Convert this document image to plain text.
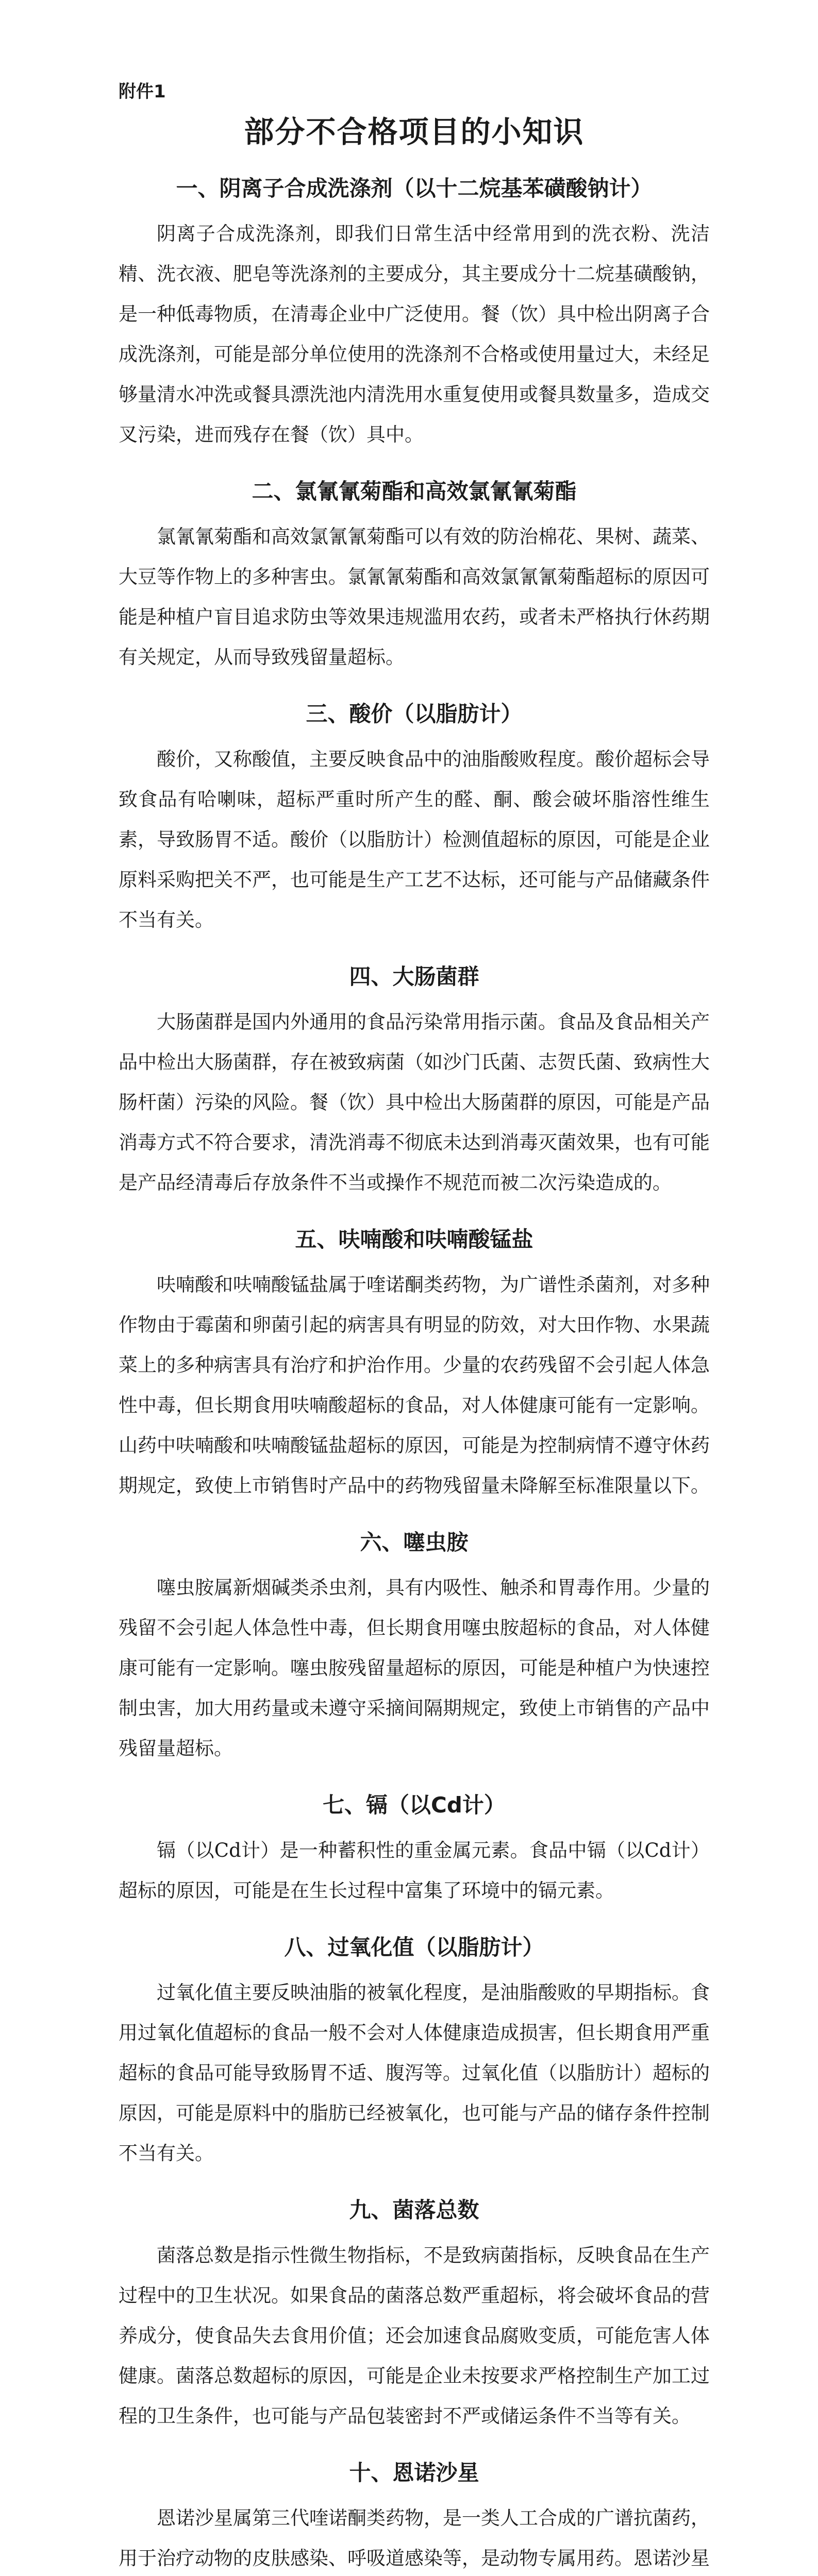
附件1
部分不合格项目的小知识
一、阴离子合成洗涤剂（以十二烷基苯磺酸钠计）

阴离子合成洗涤剂，即我们日常生活中经常用到的洗衣粉、洗洁精、洗衣液、肥皂等洗涤剂的主要成分，其主要成分十二烷基磺酸钠，是一种低毒物质，在清毒企业中广泛使用。餐（饮）具中检出阴离子合成洗涤剂，可能是部分单位使用的洗涤剂不合格或使用量过大，未经足够量清水冲洗或餐具漂洗池内清洗用水重复使用或餐具数量多，造成交叉污染，进而残存在餐（饮）具中。

二、氯氰氰菊酯和高效氯氰氰菊酯

氯氰氰菊酯和高效氯氰氰菊酯可以有效的防治棉花、果树、蔬菜、大豆等作物上的多种害虫。氯氰氰菊酯和高效氯氰氰菊酯超标的原因可能是种植户盲目追求防虫等效果违规滥用农药，或者未严格执行休药期有关规定，从而导致残留量超标。

三、酸价（以脂肪计）

酸价，又称酸值，主要反映食品中的油脂酸败程度。酸价超标会导致食品有哈喇味，超标严重时所产生的醛、酮、酸会破坏脂溶性维生素，导致肠胃不适。酸价（以脂肪计）检测值超标的原因，可能是企业原料采购把关不严，也可能是生产工艺不达标，还可能与产品储藏条件不当有关。

四、大肠菌群

大肠菌群是国内外通用的食品污染常用指示菌。食品及食品相关产品中检出大肠菌群，存在被致病菌（如沙门氏菌、志贺氏菌、致病性大肠杆菌）污染的风险。餐（饮）具中检出大肠菌群的原因，可能是产品消毒方式不符合要求，清洗消毒不彻底未达到消毒灭菌效果，也有可能是产品经清毒后存放条件不当或操作不规范而被二次污染造成的。

五、呋喃酸和呋喃酸锰盐

呋喃酸和呋喃酸锰盐属于喹诺酮类药物，为广谱性杀菌剂，对多种作物由于霉菌和卵菌引起的病害具有明显的防效，对大田作物、水果蔬菜上的多种病害具有治疗和护治作用。少量的农药残留不会引起人体急性中毒，但长期食用呋喃酸超标的食品，对人体健康可能有一定影响。山药中呋喃酸和呋喃酸锰盐超标的原因，可能是为控制病情不遵守休药期规定，致使上市销售时产品中的药物残留量未降解至标准限量以下。

六、噻虫胺

噻虫胺属新烟碱类杀虫剂，具有内吸性、触杀和胃毒作用。少量的残留不会引起人体急性中毒，但长期食用噻虫胺超标的食品，对人体健康可能有一定影响。噻虫胺残留量超标的原因，可能是种植户为快速控制虫害，加大用药量或未遵守采摘间隔期规定，致使上市销售的产品中残留量超标。

七、镉（以Cd计）

镉（以Cd计）是一种蓄积性的重金属元素。食品中镉（以Cd计）超标的原因，可能是在生长过程中富集了环境中的镉元素。

八、过氧化值（以脂肪计）

过氧化值主要反映油脂的被氧化程度，是油脂酸败的早期指标。食用过氧化值超标的食品一般不会对人体健康造成损害，但长期食用严重超标的食品可能导致肠胃不适、腹泻等。过氧化值（以脂肪计）超标的原因，可能是原料中的脂肪已经被氧化，也可能与产品的储存条件控制不当有关。

九、菌落总数

菌落总数是指示性微生物指标，不是致病菌指标，反映食品在生产过程中的卫生状况。如果食品的菌落总数严重超标，将会破坏食品的营养成分，使食品失去食用价值；还会加速食品腐败变质，可能危害人体健康。菌落总数超标的原因，可能是企业未按要求严格控制生产加工过程的卫生条件，也可能与产品包装密封不严或储运条件不当等有关。

十、恩诺沙星

恩诺沙星属第三代喹诺酮类药物，是一类人工合成的广谱抗菌药，用于治疗动物的皮肤感染、呼吸道感染等，是动物专属用药。恩诺沙星
